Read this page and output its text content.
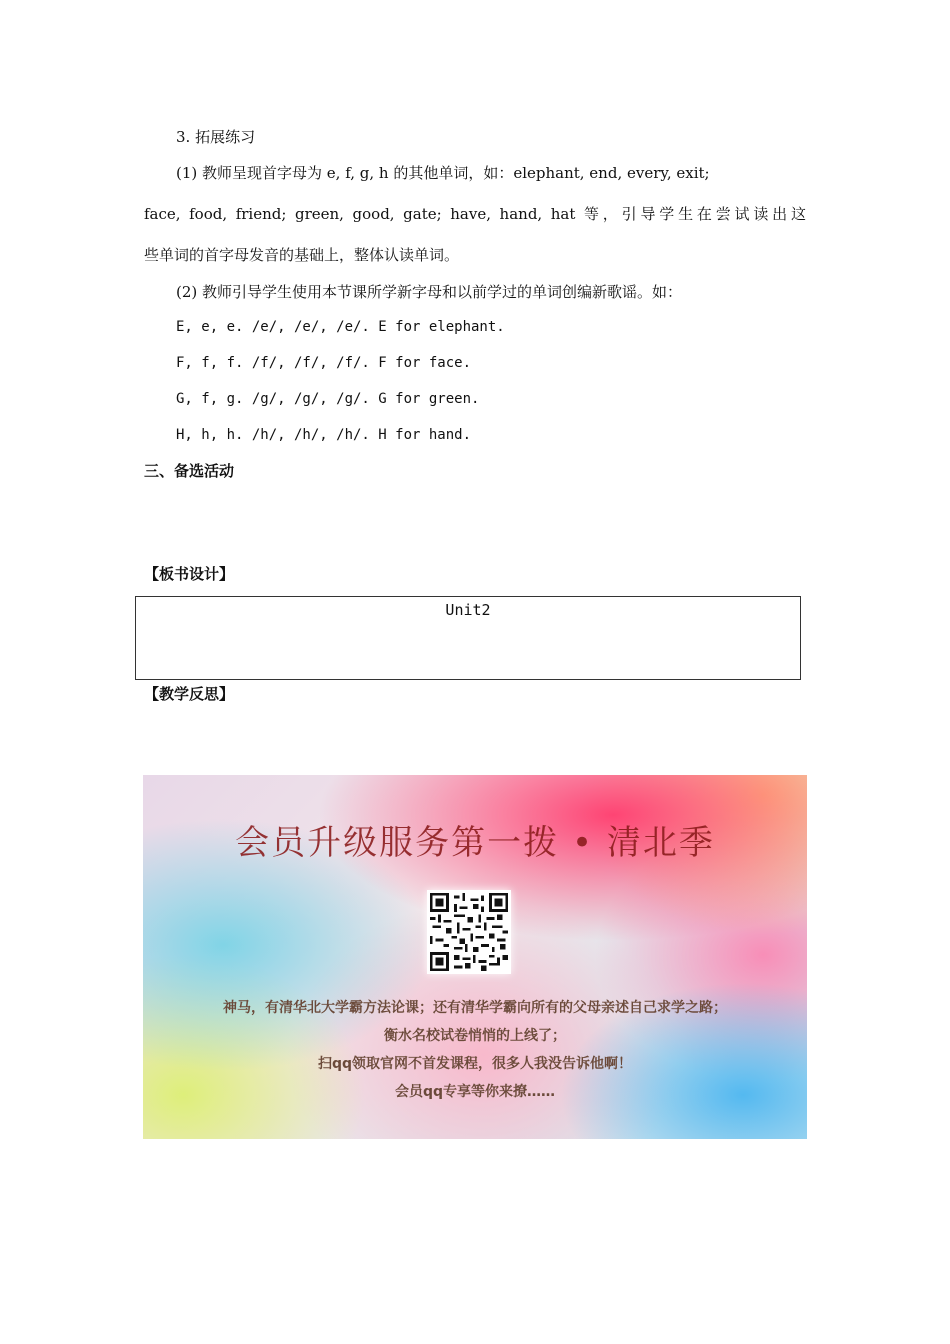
3. 拓展练习
(1) 教师呈现首字母为 e, f, g, h 的其他单词，如：elephant, end, every, exit;
face, food, friend; green, good, gate; have, hand, hat 等，引导学生在尝试读出这
些单词的首字母发音的基础上，整体认读单词。
(2) 教师引导学生使用本节课所学新字母和以前学过的单词创编新歌谣。如：
E, e, e. /e/, /e/, /e/. E for elephant.
F, f, f. /f/, /f/, /f/. F for face.
G, f, g. /g/, /g/, /g/. G for green.
H, h, h. /h/, /h/, /h/. H for hand.
三、备选活动
【板书设计】
Unit2
【教学反思】
会员升级服务第一拨 • 清北季
神马，有清华北大学霸方法论课；还有清华学霸向所有的父母亲述自己求学之路；
衡水名校试卷悄悄的上线了；
扫qq领取官网不首发课程，很多人我没告诉他啊！
会员qq专享等你来撩……
